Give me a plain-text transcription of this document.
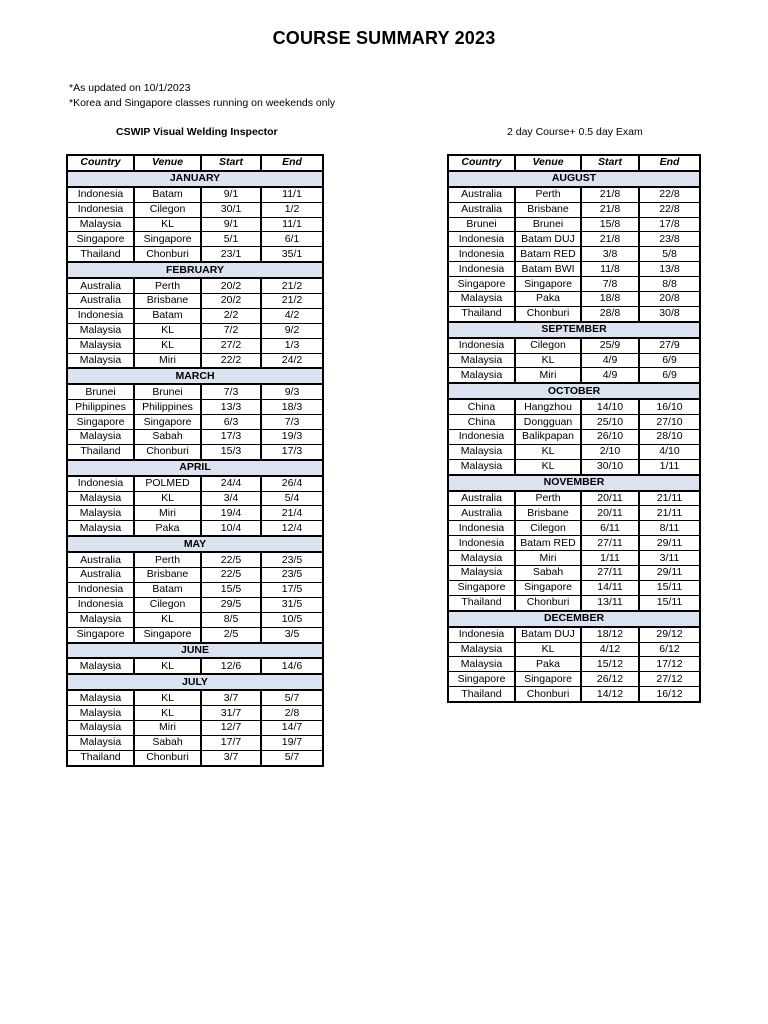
COURSE SUMMARY 2023
*As updated on 10/1/2023
*Korea and Singapore classes running on weekends only
CSWIP Visual Welding Inspector	2 day Course+ 0.5 day Exam
Country	Venue	Start	End
JANUARY			
Indonesia	Batam	9/1	11/1
Indonesia	Cilegon	30/1	1/2
Malaysia	KL	9/1	11/1
Singapore	Singapore	5/1	6/1
Thailand	Chonburi	23/1	35/1
FEBRUARY			
Australia	Perth	20/2	21/2
Australia	Brisbane	20/2	21/2
Indonesia	Batam	2/2	4/2
Malaysia	KL	7/2	9/2
Malaysia	KL	27/2	1/3
Malaysia	Miri	22/2	24/2
MARCH			
Brunei	Brunei	7/3	9/3
Philippines	Philippines	13/3	18/3
Singapore	Singapore	6/3	7/3
Malaysia	Sabah	17/3	19/3
Thailand	Chonburi	15/3	17/3
APRIL			
Indonesia	POLMED	24/4	26/4
Malaysia	KL	3/4	5/4
Malaysia	Miri	19/4	21/4
Malaysia	Paka	10/4	12/4
MAY			
Australia	Perth	22/5	23/5
Australia	Brisbane	22/5	23/5
Indonesia	Batam	15/5	17/5
Indonesia	Cilegon	29/5	31/5
Malaysia	KL	8/5	10/5
Singapore	Singapore	2/5	3/5
JUNE			
Malaysia	KL	12/6	14/6
JULY			
Malaysia	KL	3/7	5/7
Malaysia	KL	31/7	2/8
Malaysia	Miri	12/7	14/7
Malaysia	Sabah	17/7	19/7
Thailand	Chonburi	3/7	5/7
Country	Venue	Start	End
AUGUST			
Australia	Perth	21/8	22/8
Australia	Brisbane	21/8	22/8
Brunei	Brunei	15/8	17/8
Indonesia	Batam DUJ	21/8	23/8
Indonesia	Batam RED	3/8	5/8
Indonesia	Batam BWI	11/8	13/8
Singapore	Singapore	7/8	8/8
Malaysia	Paka	18/8	20/8
Thailand	Chonburi	28/8	30/8
SEPTEMBER			
Indonesia	Cilegon	25/9	27/9
Malaysia	KL	4/9	6/9
Malaysia	Miri	4/9	6/9
OCTOBER			
China	Hangzhou	14/10	16/10
China	Dongguan	25/10	27/10
Indonesia	Balikpapan	26/10	28/10
Malaysia	KL	2/10	4/10
Malaysia	KL	30/10	1/11
NOVEMBER			
Australia	Perth	20/11	21/11
Australia	Brisbane	20/11	21/11
Indonesia	Cilegon	6/11	8/11
Indonesia	Batam RED	27/11	29/11
Malaysia	Miri	1/11	3/11
Malaysia	Sabah	27/11	29/11
Singapore	Singapore	14/11	15/11
Thailand	Chonburi	13/11	15/11
DECEMBER			
Indonesia	Batam DUJ	18/12	29/12
Malaysia	KL	4/12	6/12
Malaysia	Paka	15/12	17/12
Singapore	Singapore	26/12	27/12
Thailand	Chonburi	14/12	16/12
